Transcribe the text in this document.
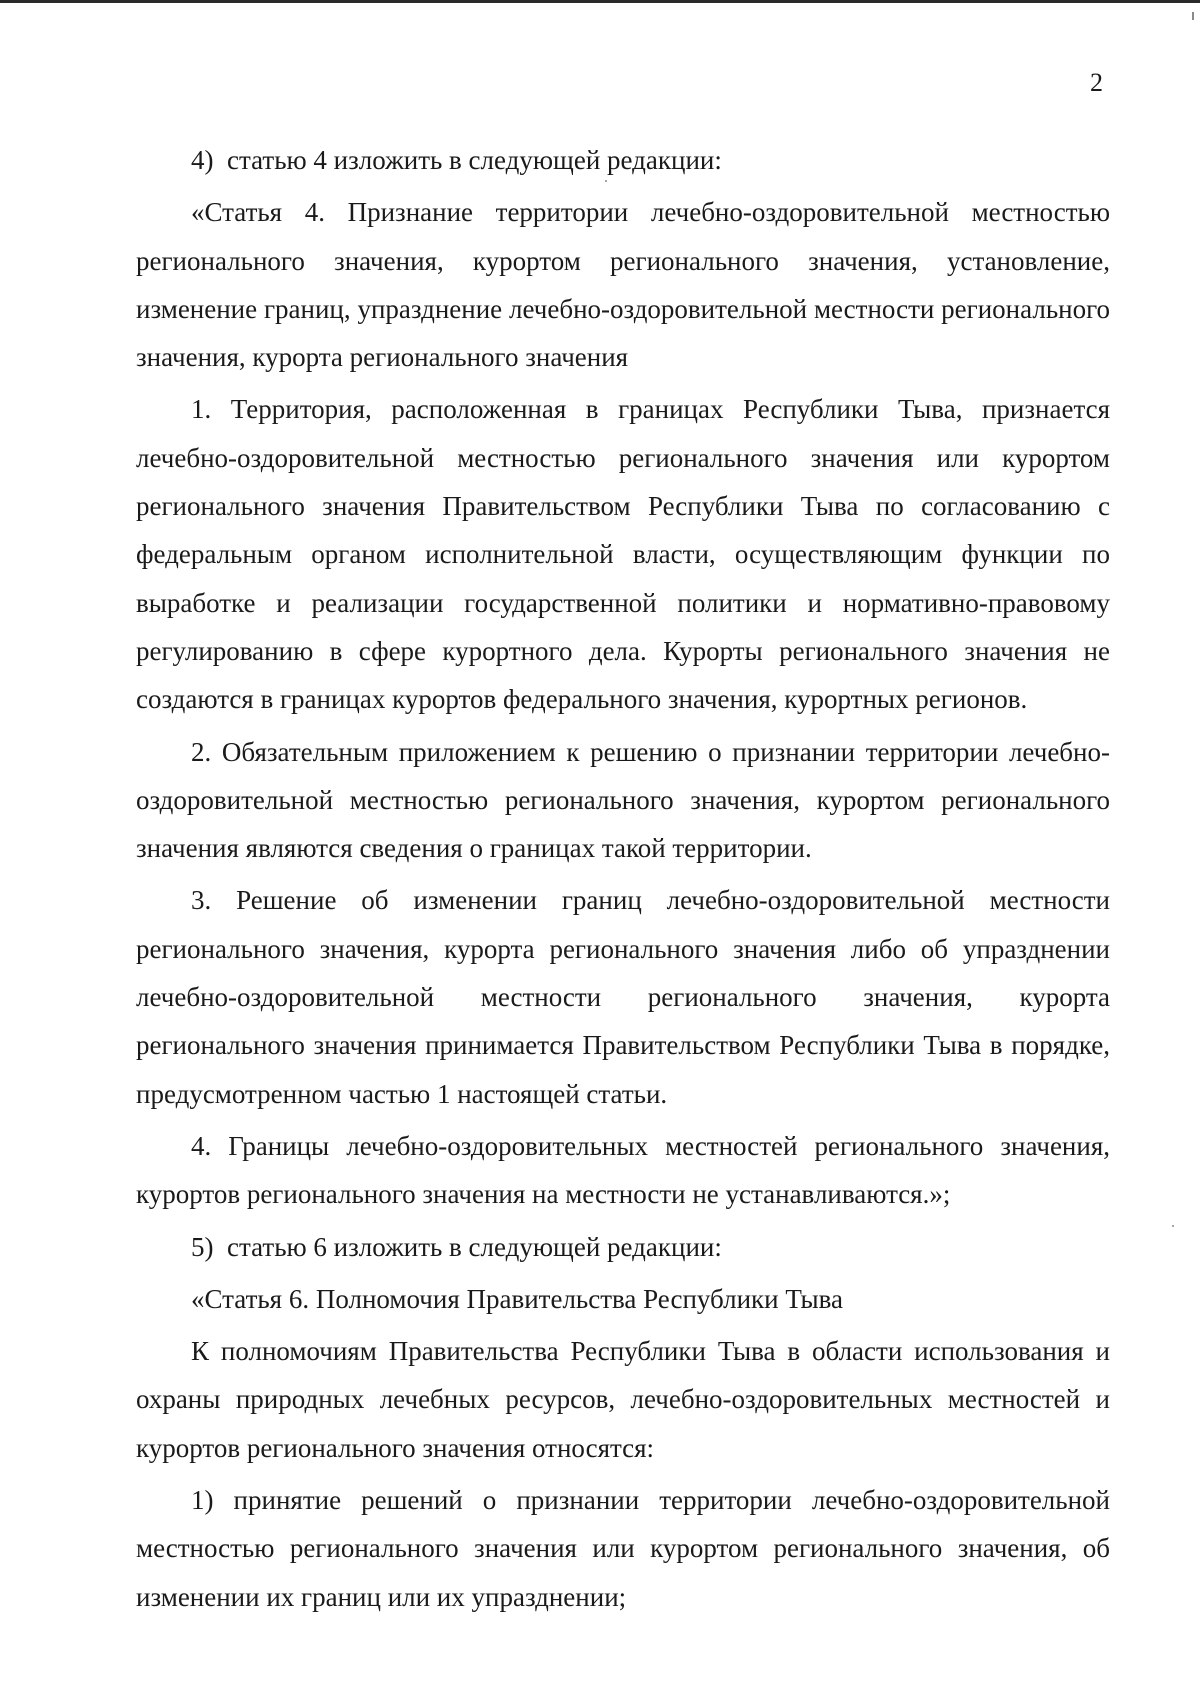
2

4)  статью 4 изложить в следующей редакции:

«Статья 4. Признание территории лечебно-оздоровительной местностью регионального значения, курортом регионального значения, установление, изменение границ, упразднение лечебно-оздоровительной местности регионального значения, курорта регионального значения

1. Территория, расположенная в границах Республики Тыва, признается лечебно-оздоровительной местностью регионального значения или курортом регионального значения Правительством Республики Тыва по согласованию с федеральным органом исполнительной власти, осуществляющим функции по выработке и реализации государственной политики и нормативно-правовому регулированию в сфере курортного дела. Курорты регионального значения не создаются в границах курортов федерального значения, курортных регионов.

2. Обязательным приложением к решению о признании территории лечебно-оздоровительной местностью регионального значения, курортом регионального значения являются сведения о границах такой территории.

3. Решение об изменении границ лечебно-оздоровительной местности регионального значения, курорта регионального значения либо об упразднении лечебно-оздоровительной местности регионального значения, курорта регионального значения принимается Правительством Республики Тыва в порядке, предусмотренном частью 1 настоящей статьи.

4. Границы лечебно-оздоровительных местностей регионального значения, курортов регионального значения на местности не устанавливаются.»;

5)  статью 6 изложить в следующей редакции:

«Статья 6. Полномочия Правительства Республики Тыва

К полномочиям Правительства Республики Тыва в области использования и охраны природных лечебных ресурсов, лечебно-оздоровительных местностей и курортов регионального значения относятся:

1) принятие решений о признании территории лечебно-оздоровительной местностью регионального значения или курортом регионального значения, об изменении их границ или их упразднении;
